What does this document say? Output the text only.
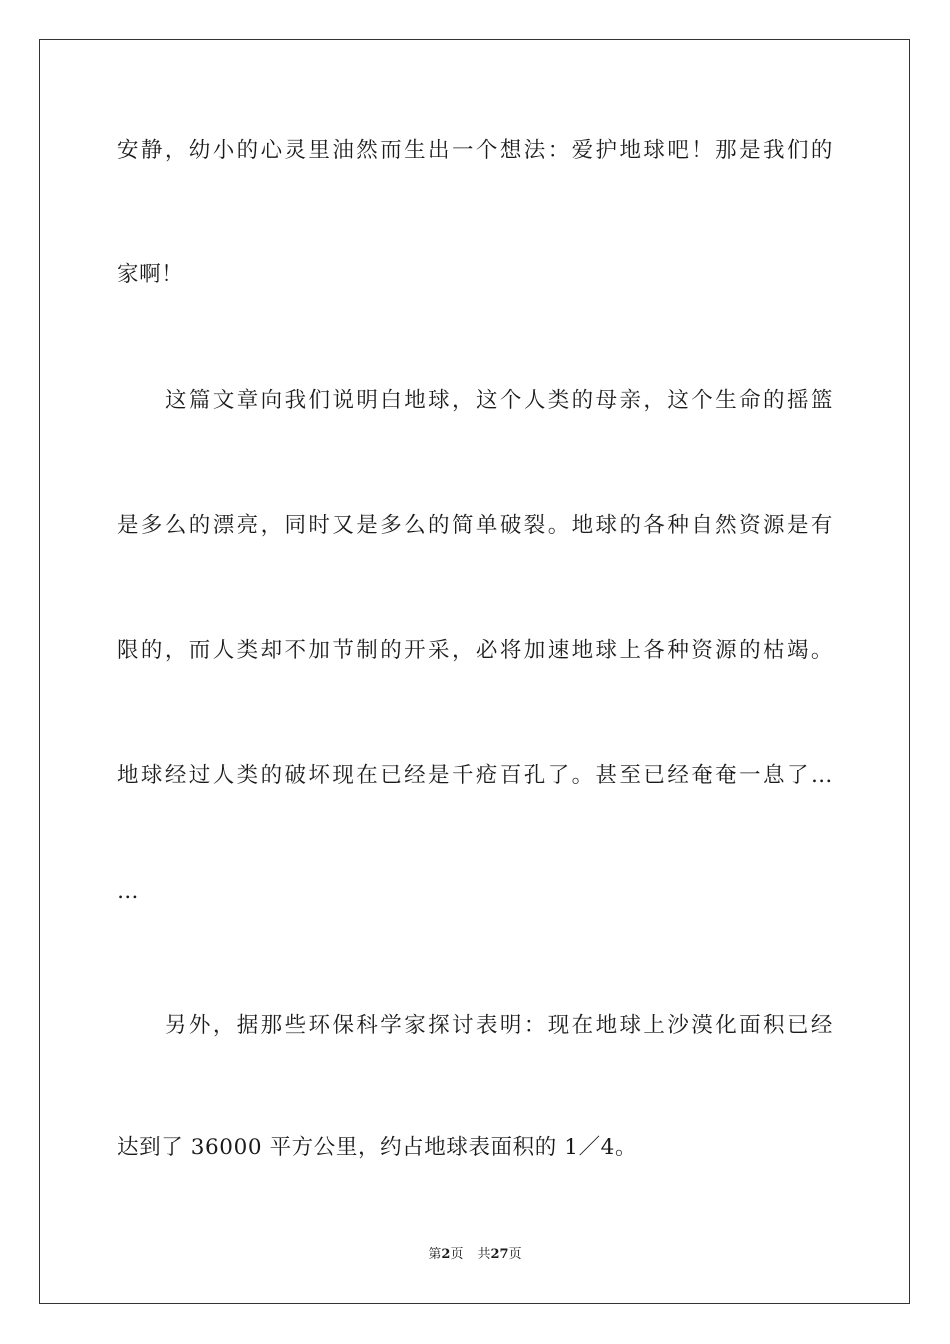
安静，幼小的心灵里油然而生出一个想法：爱护地球吧！那是我们的
家啊！
这篇文章向我们说明白地球，这个人类的母亲，这个生命的摇篮
是多么的漂亮，同时又是多么的简单破裂。地球的各种自然资源是有
限的，而人类却不加节制的开采，必将加速地球上各种资源的枯竭。
地球经过人类的破坏现在已经是千疮百孔了。甚至已经奄奄一息了…
…
另外，据那些环保科学家探讨表明：现在地球上沙漠化面积已经
达到了 36000 平方公里，约占地球表面积的 1／4。
第2页 共27页
